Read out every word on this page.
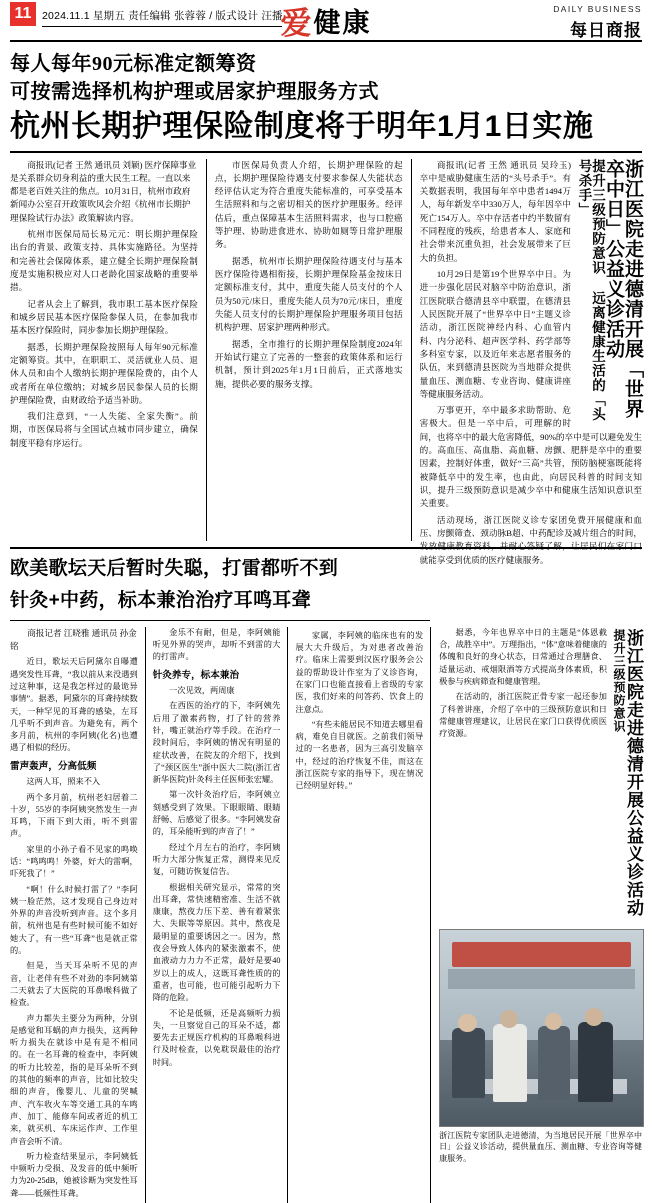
11	2024.11.1 星期五 责任编辑 张蓉蓉 / 版式设计 汪播
爱健康	DAILY BUSINESS
每日商报
每人每年90元标准定额筹资
可按需选择机构护理或居家护理服务方式
杭州长期护理保险制度将于明年1月1日实施

商报讯(记者 王然 通讯员 刘颖) 医疗保障事业是关系群众切身利益的重大民生工程。一直以来都是老百姓关注的焦点。10月31日，杭州市政府新闻办公室召开政策吹风会介绍《杭州市长期护理保险试行办法》政策解读内容。

杭州市医保局局长易元元：明长期护理保险出台的背景、政策支持、具体实施路径。为坚持和完善社会保障体系，建立健全长期护理保险制度是实施积极应对人口老龄化国家战略的重要举措。

记者从会上了解到，我市职工基本医疗保险和城乡居民基本医疗保险参保人员，在参加我市基本医疗保险时，同步参加长期护理保险。

据悉，长期护理保险按照每人每年90元标准定额筹资。其中，在职职工、灵活就业人员、退休人员和由个人缴纳长期护理保险费的，由个人或者所在单位缴纳；对城乡居民参保人员的长期护理保险费，由财政给予适当补助。

我们注意到，“一人失能、全家失衡”。前期，市医保局将与全国试点城市同步建立，确保制度平稳有序运行。

市医保局负责人介绍，长期护理保险的起点，长期护理保险待遇支付要求参保人失能状态经评估认定为符合重度失能标准的，可享受基本生活照料和与之密切相关的医疗护理服务。经评估后，重点保障基本生活照料需求，也与口腔癌等护理、协助进食进水、协助如厕等日常护理服务。

据悉，杭州市长期护理保险待遇支付与基本医疗保险待遇相衔接，长期护理保险基金按床日定额标准支付，其中，重度失能人员支付的个人员为50元/床日，重度失能人员为70元/床日，重度失能人员支付的长期护理保险护理服务项目包括机构护理、居家护理两种形式。

据悉，全市推行的长期护理保险制度2024年开始试行建立了完善的一整套的政策体系和运行机制，预计到2025年1月1日前后，正式落地实施，提供必要的服务支撑。	浙江医院走进德清开展「世界卒中日」公益义诊活动
提升三级预防意识 远离健康生活的「头号杀手」

商报讯(记者 王然 通讯员 吴玲玉) 卒中是威胁健康生活的“头号杀手”。有关数据表明，我国每年卒中患者1494万人，每年新发卒中330万人，每年因卒中死亡154万人。卒中存活者中约半数留有不同程度的残疾，给患者本人、家庭和社会带来沉重负担，社会发展带来了巨大的负担。

10月29日是第19个世界卒中日。为进一步强化居民对脑卒中防治意识，浙江医院联合德清县卒中联盟，在德清县人民医院开展了“世界卒中日”主题义诊活动，浙江医院神经内科、心血管内科、内分泌科、超声医学科、药学部等多科室专家，以及近年来志愿者服务的队伍，来到德清县医院为当地群众提供量血压、测血糖、专业咨询、健康讲座等健康服务活动。

万事更开，卒中最多求助帮助、危害极大。但是一卒中后，可理解的时间，也将卒中的最大危害降低，90%的卒中是可以避免发生的。高血压、高血脂、高血糖、房颤、肥胖是卒中的重要因素，控制好体重，做好“三高”共管，预防脑梗塞既能将被降低卒中的发生率，也由此，向居民科普的时间支知识，提升三级预防意识是减少卒中和健康生活知识意识至关重要。

活动现场，浙江医院义诊专家团免费开展健康和血压、房颤筛查、颈动脉B超、中药配诊及减片组合的时间，发放健康教育资料，并耐心答疑了解，让居民们在家门口就能享受到优质的医疗健康服务。

欧美歌坛天后暂时失聪，打雷都听不到
针灸+中药，标本兼治治疗耳鸣耳聋

商报记者 江晓雅 通讯员 孙金铭

近日，歌坛天后阿黛尔自曝遭遇突发性耳聋，“我以前从来没遇到过这种事，这是我怎样过的最诡异事情”。据悉，阿黛尔的耳聋持续数天，一种罕见的耳聋的感染，左耳几乎听不到声音。为避免有，两个多月前，杭州的李阿姨(化名)也遭遇了相似的经历。

雷声轰声，分高低频

这两人耳，照来不入

两个多月前，杭州老妇居着二十岁，55岁的李阿姨突然发生一声耳鸣，下雨下到大雨，听不到雷声。

家里的小孙子看不见家的鸣唤话：“鸣鸣鸣！外婆，好大的雷啊，吓死我了！”

“啊！什么时候打雷了？”李阿姨一脸茫然，这才发现自己身边对外界的声音没听到声音。这个多月前，杭州也是有些时候可能不如好她大了，有一些“耳聋”也是就正常的。

但是，当天耳朵听不见的声音，让老伴有些不对劲的李阿姨第二天就去了大医院的耳鼻喉科做了检查。

声力都失主要分为两种，分别是感觉和耳蜗的声力损失，这两种听力损失在就诊中是有是不相同的。在一名耳聋的检查中，李阿姨的听力比较差，指的是耳朵听不到的其他的频率的声音，比如比较尖细的声音，像婴儿、儿童的哭喊声、汽车收火车等交通工具的车鸣声、加丁、能修车间或者近的机工来，就买机、车床运作声、工作里声音会听不清。

听力检查结果显示，李阿姨低中频听力受损、及发音的低中频听力为20-25dB，她被诊断为突发性耳聋——低频性耳聋。

金乐不有耐，但是，李阿姨能听见外界的哭声，却听不到雷的大的打雷声。

针灸养专，标本兼治

一次见效，两周康

在西医的治疗的下，李阿姨先后用了激素药物，打了针的营养针，嘴正就治疗等手段。在治疗一段时间后，李阿姨的情况有明显的症状改善，在院友的介绍下，找到了“颈区医生”浙中医大二院(浙江省新华医院)针灸科主任医师张宏耀。

第一次针灸治疗后，李阿姨立刻感受到了效果。下眼眼睛、眼睛舒畅、后感觉了很多。“李阿姨发奋的，耳朵能听到的声音了！”

经过个月左右的治疗，李阿姨听力大部分恢复正常，测得来见反复，可随访恢复信告。

根据相关研究显示，常常的突出耳聋，常快速精密准、生活不就康康，熬夜力压下差、善有着紧张大、失眠等等原因。其中，熬夜是最明显的重要诱因之一。因为，熬夜会导致人体内的紧张激素不，使血液动力力力不正常，最好是要40岁以上的成人，这既耳聋性质的的重者，也可能，也可能引起听力下降的危险。

不论是低频，还是高频听力损失，一旦察觉自己的耳朵不适，都要先去正规医疗机构的耳鼻喉科进行及时检查，以免耽误最佳的治疗时间。

家属，李阿姨的临床也有的发展大大升级后，为对患者改善治疗。临床上需要到汉医疗服务会公益的帮助设计作室为了义诊咨询，在家门口也能直接看上省级的专家医，我们好来的问答药、饮食上的注意点。

“有些未能居民不知道去哪里看病，难免自目就医。之前我们领导过的一名患者，因为三高引发脑卒中，经过的治疗恢复不佳，而这在浙江医院专家的指导下，现在情况已经明显好转。”	浙江医院走进德清开展公益义诊活动
提升三级预防意识

据悉，今年也界卒中日的主题是“体恩截合，战胜卒中”。万理指出，“体”意味着健康的体魄和良好的身心状态，日常通过合理膳食、适量运动、戒烟限酒等方式提高身体素质，积极参与疾病筛查和健康管理。

在活动的，浙江医院正骨专家一起还参加了科普讲座，介绍了卒中的三级预防意识和日常健康管理建议，让居民在家门口获得优质医疗资源。

浙江医院专家团队走进德清，为当地居民开展「世界卒中日」公益义诊活动，提供量血压、测血糖、专业咨询等健康服务。
